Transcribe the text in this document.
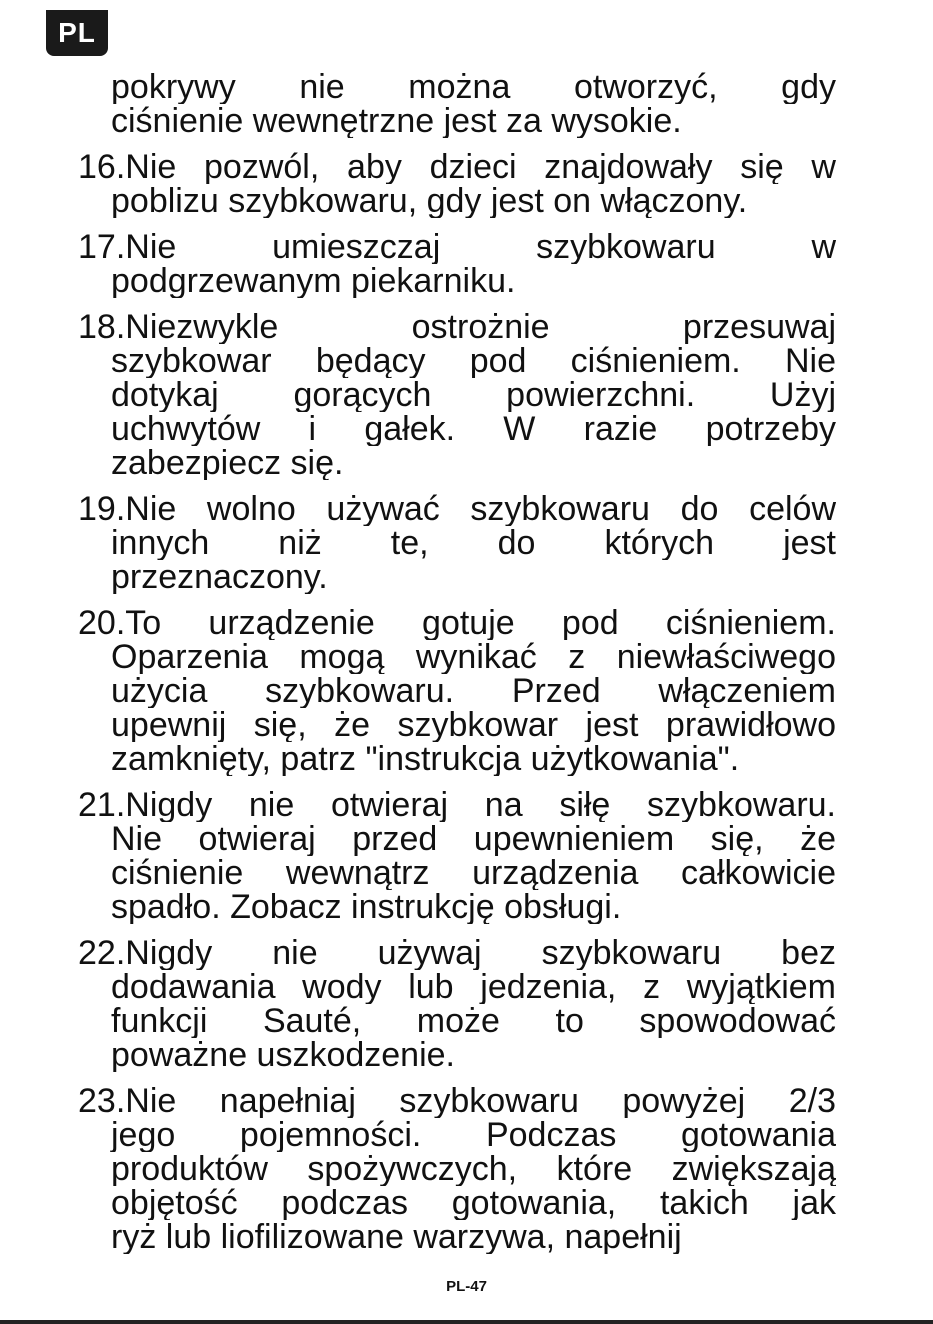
PL
pokrywy nie można otworzyć, gdy
ciśnienie wewnętrzne jest za wysokie.
16.Nie pozwól, aby dzieci znajdowały się w
poblizu szybkowaru, gdy jest on włączony.
17.Nie umieszczaj szybkowaru w
podgrzewanym piekarniku.
18.Niezwykle ostrożnie przesuwaj
szybkowar będący pod ciśnieniem. Nie
dotykaj gorących powierzchni. Użyj
uchwytów i gałek. W razie potrzeby
zabezpiecz się.
19.Nie wolno używać szybkowaru do celów
innych niż te, do których jest
przeznaczony.
20.To urządzenie gotuje pod ciśnieniem.
Oparzenia mogą wynikać z niewłaściwego
użycia szybkowaru. Przed włączeniem
upewnij się, że szybkowar jest prawidłowo
zamknięty, patrz "instrukcja użytkowania".
21.Nigdy nie otwieraj na siłę szybkowaru.
Nie otwieraj przed upewnieniem się, że
ciśnienie wewnątrz urządzenia całkowicie
spadło. Zobacz instrukcję obsługi.
22.Nigdy nie używaj szybkowaru bez
dodawania wody lub jedzenia, z wyjątkiem
funkcji Sauté, może to spowodować
poważne uszkodzenie.
23.Nie napełniaj szybkowaru powyżej 2/3
jego pojemności. Podczas gotowania
produktów spożywczych, które zwiększają
objętość podczas gotowania, takich jak
ryż lub liofilizowane warzywa, napełnij
PL-47
